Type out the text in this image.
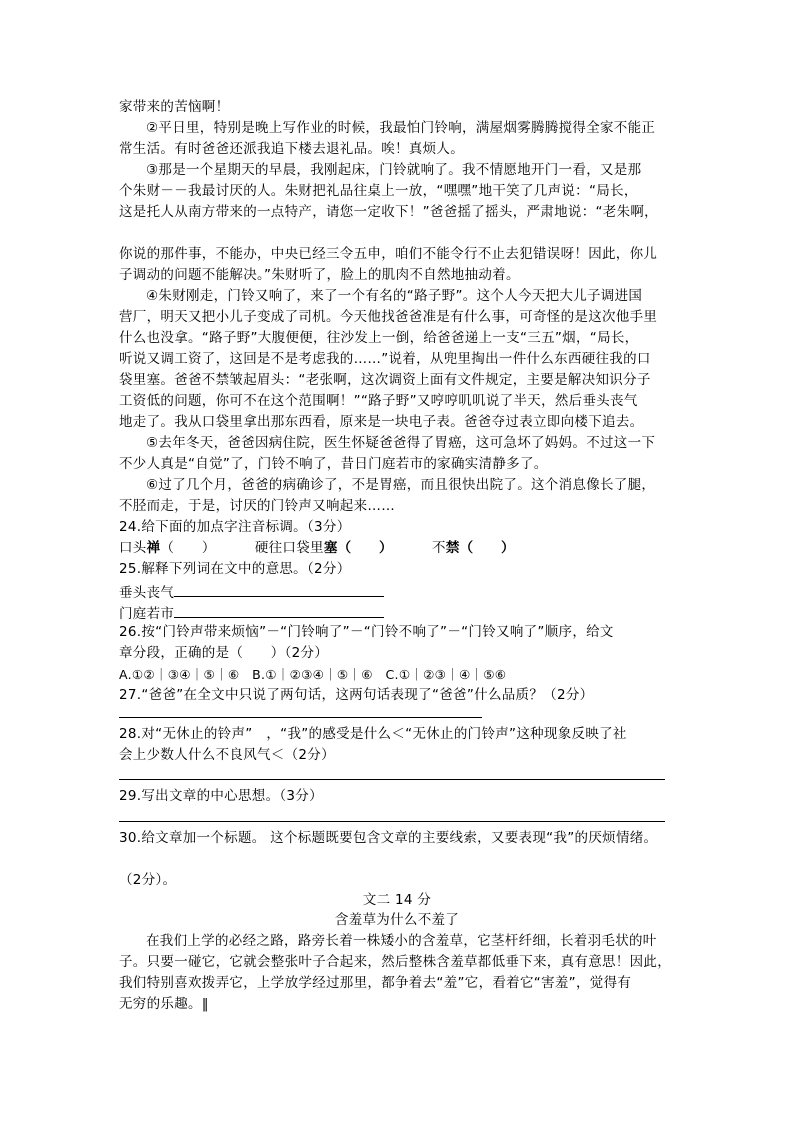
家带来的苦恼啊！
②平日里，特别是晚上写作业的时候，我最怕门铃响，满屋烟雾腾腾搅得全家不能正
常生活。有时爸爸还派我追下楼去退礼品。唉！真烦人。
③那是一个星期天的早晨，我刚起床，门铃就响了。我不情愿地开门一看，又是那
个朱财－－我最讨厌的人。朱财把礼品往桌上一放，“嘿嘿”地干笑了几声说：“局长，
这是托人从南方带来的一点特产，请您一定收下！”爸爸摇了摇头，严肃地说：“老朱啊，
你说的那件事，不能办，中央已经三令五申，咱们不能令行不止去犯错误呀！因此，你儿
子调动的问题不能解决。”朱财听了，脸上的肌肉不自然地抽动着。
④朱财刚走，门铃又响了，来了一个有名的“路子野”。这个人今天把大儿子调进国
营厂，明天又把小儿子变成了司机。今天他找爸爸准是有什么事，可奇怪的是这次他手里
什么也没拿。“路子野”大腹便便，往沙发上一倒，给爸爸递上一支“三五”烟，“局长，
听说又调工资了，这回是不是考虑我的……”说着，从兜里掏出一件什么东西硬往我的口
袋里塞。爸爸不禁皱起眉头：“老张啊，这次调资上面有文件规定，主要是解决知识分子
工资低的问题，你可不在这个范围啊！”“路子野”又哼哼叽叽说了半天，然后垂头丧气
地走了。我从口袋里拿出那东西看，原来是一块电子表。爸爸夺过表立即向楼下追去。
⑤去年冬天，爸爸因病住院，医生怀疑爸爸得了胃癌，这可急坏了妈妈。不过这一下
不少人真是“自觉”了，门铃不响了，昔日门庭若市的家确实清静多了。
⑥过了几个月，爸爸的病确诊了，不是胃癌，而且很快出院了。这个消息像长了腿，
不胫而走，于是，讨厌的门铃声又响起来……
24.给下面的加点字注音标调。（3分）
口头禅（　　）	硬往口袋里塞（　　）	不禁（　　）
25.解释下列词在文中的意思。（2分）
垂头丧气
门庭若市
26.按“门铃声带来烦恼”－“门铃响了”－“门铃不响了”－“门铃又响了”顺序，给文
章分段，正确的是（　　）（2分）
A.①②｜③④｜⑤｜⑥　B.①｜②③④｜⑤｜⑥　C.①｜②③｜④｜⑤⑥
27.“爸爸”在全文中只说了两句话，这两句话表现了“爸爸”什么品质？（2分）
28.对“无休止的铃声”　，“我”的感受是什么＜“无休止的门铃声”这种现象反映了社
会上少数人什么不良风气＜（2分）
29.写出文章的中心思想。（3分）
30.给文章加一个标题。 这个标题既要包含文章的主要线索，又要表现“我”的厌烦情绪。
（2分）。
文二 14 分
含羞草为什么不羞了
在我们上学的必经之路，路旁长着一株矮小的含羞草，它茎杆纤细，长着羽毛状的叶
子。只要一碰它，它就会整张叶子合起来，然后整株含羞草都低垂下来，真有意思！因此，
我们特别喜欢拨弄它，上学放学经过那里，都争着去“羞”它，看着它“害羞”，觉得有
无穷的乐趣。‖
